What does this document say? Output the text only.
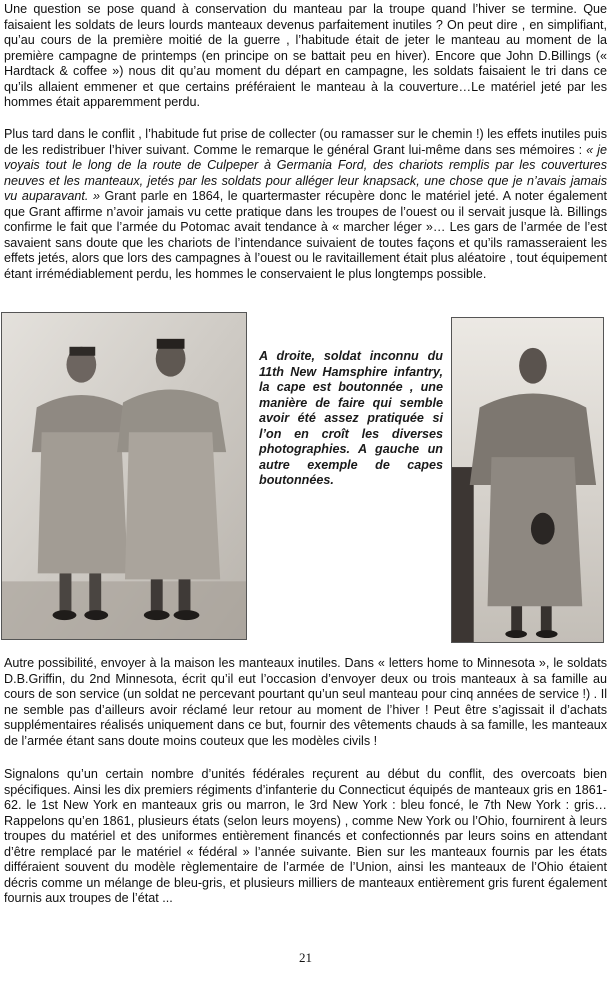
Une question se pose quand à conservation du manteau par la troupe quand l’hiver se termine. Que faisaient les soldats de leurs lourds manteaux devenus parfaitement inutiles ? On peut dire , en simplifiant, qu’au cours de la première moitié de la guerre , l’habitude était de jeter le manteau au moment de la première campagne de printemps (en principe on se battait peu en hiver). Encore que John D.Billings (« Hardtack & coffee ») nous dit qu’au moment du départ en campagne, les soldats faisaient le tri dans ce qu’ils allaient emmener et que certains préféraient le manteau à la couverture…Le matériel jeté par les hommes était apparemment perdu.

Plus tard dans le conflit , l’habitude fut prise de collecter (ou ramasser sur le chemin !) les effets inutiles puis de les redistribuer l’hiver suivant. Comme le remarque le général Grant lui-même dans ses mémoires : « je voyais tout le long de la route de Culpeper à Germania Ford, des chariots remplis par les couvertures neuves et les manteaux, jetés par les soldats pour alléger leur knapsack, une chose que je n’avais jamais vu auparavant. » Grant parle en 1864, le quartermaster récupère donc le matériel jeté. A noter également que Grant affirme n’avoir jamais vu cette pratique dans les troupes de l’ouest ou il servait jusque là. Billings confirme le fait que l’armée du Potomac avait tendance à « marcher léger »… Les gars de l’armée de l’est savaient sans doute que les chariots de l’intendance suivaient de toutes façons et qu’ils ramasseraient les effets jetés, alors que lors des campagnes à l’ouest ou le ravitaillement était plus aléatoire , tout équipement étant irrémédiablement perdu, les hommes le conservaient le plus longtemps possible.

A droite, soldat inconnu du 11th New Hamsphire infantry, la cape est boutonnée , une manière de faire qui semble avoir été assez pratiquée si l’on en croît les diverses photographies. A gauche un autre exemple de capes boutonnées.

Autre possibilité, envoyer à la maison les manteaux inutiles. Dans « letters home to Minnesota », le soldats D.B.Griffin, du 2nd Minnesota, écrit qu’il eut l’occasion d’envoyer deux ou trois manteaux à sa famille au cours de son service (un soldat ne percevant pourtant qu’un seul manteau pour cinq années de service !) . Il ne semble pas d’ailleurs avoir réclamé leur retour au moment de l’hiver ! Peut être s’agissait il d’achats supplémentaires réalisés uniquement dans ce but, fournir des vêtements chauds à sa famille, les manteaux de l’armée étant sans doute moins couteux que les modèles civils !

Signalons qu’un certain nombre d’unités fédérales reçurent au début du conflit, des overcoats bien spécifiques. Ainsi les dix premiers régiments d’infanterie du Connecticut équipés de manteaux gris en 1861-62. le 1st New York en manteaux gris ou marron, le 3rd New York : bleu foncé, le 7th New York : gris… Rappelons qu’en 1861, plusieurs états (selon leurs moyens) , comme New York ou l’Ohio, fournirent à leurs troupes du matériel et des uniformes entièrement financés et confectionnés par leurs soins en attendant d’être remplacé par le matériel « fédéral » l’année suivante. Bien sur les manteaux fournis par les états différaient souvent du modèle règlementaire de l’armée de l’Union, ainsi les manteaux de l’Ohio étaient décris comme un mélange de bleu-gris, et plusieurs milliers de manteaux entièrement gris furent également fournis aux troupes de l’état ...

21
